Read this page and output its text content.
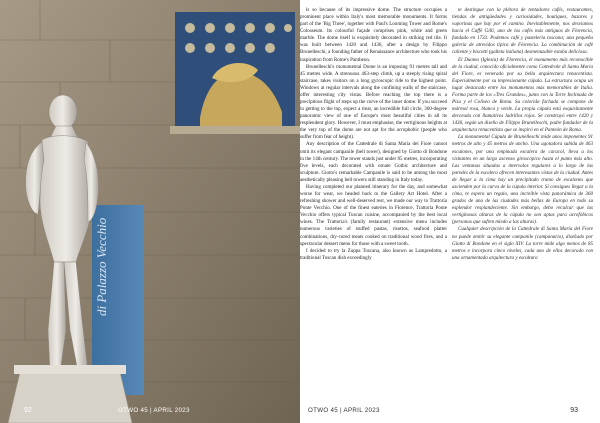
di Palazzo Vecchio
92	OTWO 45 | APRIL 2023

ls so because of its impressive dome. The structure occupies a prominent place within Italy's most memorable monuments. It forms part of the 'Big Three', together with Paul's Looming Tower and Rome's Colosseum. Its colourful façade comprises pink, white and green marble. The dome itself is exquisitely decorated in striking red tile. It was built between 1420 and 1436, after a design by Filippo Brunelleschi, a founding father of Renaissance architecture who took his inspiration from Rome's Pantheon.

Brunelleschi's monumental Dome is an imposing 91 metres tall and 45 metres wide. A strenuous 463-step climb, up a steeply rising spiral staircase, takes visitors on a long gyroscopic ride to the highest point. Windows at regular intervals along the confining walls of the staircase, offer interesting city vistas. Before reaching the top there is a precipitous flight of steps up the curve of the inner dome. If you succeed in getting to the top, expect a treat, an incredible full circle, 360-degree panoramic view of one of Europe's most beautiful cities in all its resplendent glory. However, I must emphasise, the vertiginous heights at the very top of the dome are not apt for the acrophobic (people who suffer from fear of height).

Any description of the Cattedrale di Santa Maria del Fiore cannot omit its elegant campanile (bell tower), designed by Giotto di Bondone in the 14th century. The tower stands just under 85 metres, incorporating five levels, each decorated with ornate Gothic architecture and sculpture. Giotto's remarkable Campanile is said to be among the most aesthetically pleasing bell towers still standing in Italy today.

Having completed our planned itinerary for the day, and somewhat worse for wear, we headed back to the Gallery Art Hotel. After a refreshing shower and well-deserved rest, we made our way to Trattoria Ponte Vecchio. One of the finest eateries in Florence, Trattoria Ponte Vecchio offers typical Tuscan cuisine, accompanied by the best local wines. The Trattoria's (family restaurant) extensive menu includes numerous varieties of stuffed pastas, risottos, seafood platter combinations, dry-cured meats cooked on traditional wood fires, and a spectacular dessert menu for those with a sweet tooth.

I decided to try la Zuppa Toscana, also known as Lampredotto, a traditional Tuscan dish exceedingly

te destingue con la plétora de tentadores cafés, restaurantes, tiendas de antigüedades y curiosidades, boutiques, bazares y vaporinas que hay por el camino. Inevitablemente, nos desviamos hacia el Caffè Gilli, uno de los cafés más antiguos de Florencia, fundado en 1733. Podemos café y pastelería toscana; una pequeña galería de atrevidos típica de Florencia. La combinación de café caliente y biscotti (galleta italiana) desmenuzable estaba deliciosa.

El Duomo (Iglesia) de Florencia, el monumento más reconocible de la ciudad, conocido oficialmente como Cattedrale di Santa Maria del Fiore, es venerado por su bella arquitectura renacentista. Especialmente por su impresionante cúpula. La estructura ocupa un lugar destacado entre los monumentos más memorables de Italia. Forma parte de los «Tres Grandes», junto con la Torre Inclinada de Pisa y el Coliseo de Roma. Su colorida fachada se compone de mármol rosa, blanco y verde. La propia cúpula está exquisitamente decorada con llamativos ladrillos rojos. Se construyó entre 1420 y 1436, según un diseño de Filippo Brunelleschi, padre fundador de la arquitectura renacentista que se inspiró en el Panteón de Roma.

La monumental Cúpula de Brunelleschi mide unos imponentes 91 metros de alto y 45 metros de ancho. Una agotadora subida de 463 escalones, por una empinada escalera de caracol, lleva a los visitantes en un largo ascenso giroscópico hasta el punto más alto. Las ventanas situadas a intervalos regulares a lo largo de las paredes de la escalera ofrecen interesantes vistas de la ciudad. Antes de llegar a la cima hay un precipitado tramo de escalones que ascienden por la curva de la cúpula interior. Si consigues llegar a la cima, te espera un regalo, una increíble vista panorámica de 360 grados de una de las ciudades más bellas de Europa en todo su esplendor resplandeciente. Sin embargo, debo recalcar que las vertiginosas alturas de la cúpula no son aptas para acrofóbicos (personas que sufren miedo a las alturas).

Cualquier descripción de la Cattedrale di Santa Maria del Fiore no puede omitir su elegante campanile (campanario), diseñado por Giotto di Bondone en el siglo XIV. La torre mide algo menos de 85 metros e incorpora cinco niveles, cada uno de ellos decorado con una ornamentada arquitectura y escultura

OTWO 45 | APRIL 2023	93
